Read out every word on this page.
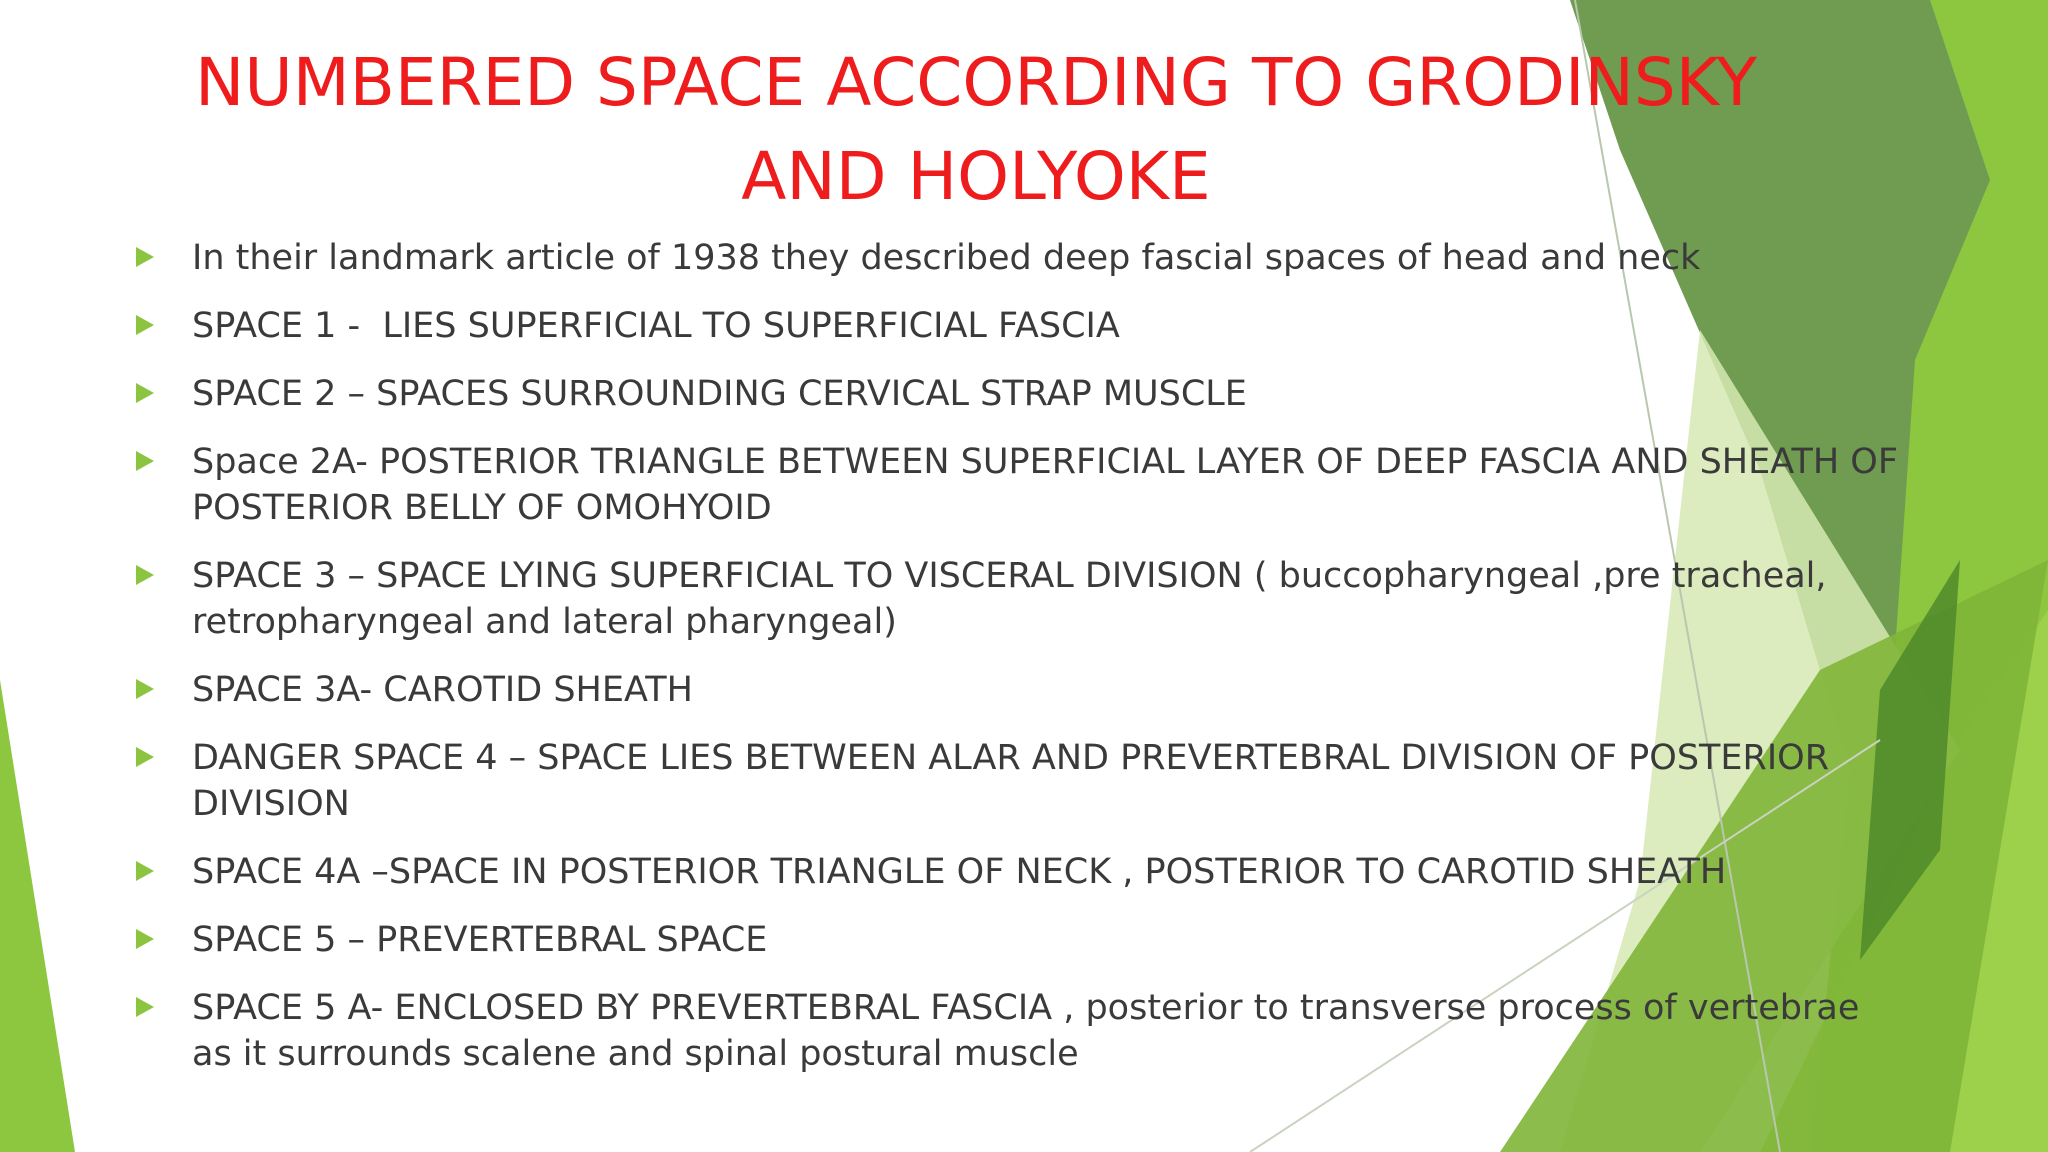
NUMBERED SPACE ACCORDING TO GRODINSKY AND HOLYOKE
In their landmark article of 1938 they described deep fascial spaces of head and neck
SPACE 1 -  LIES SUPERFICIAL TO SUPERFICIAL FASCIA
SPACE 2 – SPACES SURROUNDING CERVICAL STRAP MUSCLE
Space 2A- POSTERIOR TRIANGLE BETWEEN SUPERFICIAL LAYER OF DEEP FASCIA AND SHEATH OF POSTERIOR BELLY OF OMOHYOID
SPACE 3 – SPACE LYING SUPERFICIAL TO VISCERAL DIVISION ( buccopharyngeal ,pre tracheal, retropharyngeal and lateral pharyngeal)
SPACE 3A- CAROTID SHEATH
DANGER SPACE 4 – SPACE LIES BETWEEN ALAR AND PREVERTEBRAL DIVISION OF POSTERIOR DIVISION
SPACE 4A –SPACE IN POSTERIOR TRIANGLE OF NECK , POSTERIOR TO CAROTID SHEATH
SPACE 5 – PREVERTEBRAL SPACE
SPACE 5 A- ENCLOSED BY PREVERTEBRAL FASCIA , posterior to transverse process of vertebrae as it surrounds scalene and spinal postural muscle
